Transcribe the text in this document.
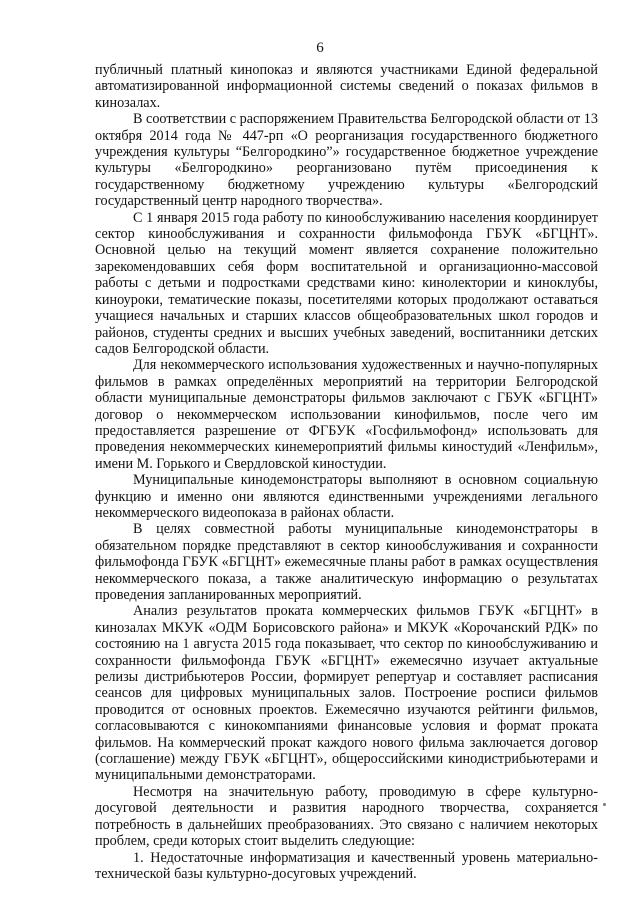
6

публичный платный кинопоказ и являются участниками Единой федеральной автоматизированной информационной системы сведений о показах фильмов в кинозалах.

В соответствии с распоряжением Правительства Белгородской области от 13 октября 2014 года № 447-рп «О реорганизация государственного бюджетного учреждения культуры “Белгородкино”» государственное бюджетное учреждение культуры «Белгородкино» реорганизовано путём присоединения к государственному бюджетному учреждению культуры «Белгородский государственный центр народного творчества».

С 1 января 2015 года работу по кинообслуживанию населения координирует сектор кинообслуживания и сохранности фильмофонда ГБУК «БГЦНТ». Основной целью на текущий момент является сохранение положительно зарекомендовавших себя форм воспитательной и организационно-массовой работы с детьми и подростками средствами кино: кинолектории и киноклубы, киноуроки, тематические показы, посетителями которых продолжают оставаться учащиеся начальных и старших классов общеобразовательных школ городов и районов, студенты средних и высших учебных заведений, воспитанники детских садов Белгородской области.

Для некоммерческого использования художественных и научно-популярных фильмов в рамках определённых мероприятий на территории Белгородской области муниципальные демонстраторы фильмов заключают с ГБУК «БГЦНТ» договор о некоммерческом использовании кинофильмов, после чего им предоставляется разрешение от ФГБУК «Госфильмофонд» использовать для проведения некоммерческих кинемероприятий фильмы киностудий «Ленфильм», имени М. Горького и Свердловской киностудии.

Муниципальные кинодемонстраторы выполняют в основном социальную функцию и именно они являются единственными учреждениями легального некоммерческого видеопоказа в районах области.

В целях совместной работы муниципальные кинодемонстраторы в обязательном порядке представляют в сектор кинообслуживания и сохранности фильмофонда ГБУК «БГЦНТ» ежемесячные планы работ в рамках осуществления некоммерческого показа, а также аналитическую информацию о результатах проведения запланированных мероприятий.

Анализ результатов проката коммерческих фильмов ГБУК «БГЦНТ» в кинозалах МКУК «ОДМ Борисовского района» и МКУК «Корочанский РДК» по состоянию на 1 августа 2015 года показывает, что сектор по кинообслуживанию и сохранности фильмофонда ГБУК «БГЦНТ» ежемесячно изучает актуальные релизы дистрибьютеров России, формирует репертуар и составляет расписания сеансов для цифровых муниципальных залов. Построение росписи фильмов проводится от основных проектов. Ежемесячно изучаются рейтинги фильмов, согласовываются с кинокомпаниями финансовые условия и формат проката фильмов. На коммерческий прокат каждого нового фильма заключается договор (соглашение) между ГБУК «БГЦНТ», общероссийскими кинодистрибьютерами и муниципальными демонстраторами.

Несмотря на значительную работу, проводимую в сфере культурно-досуговой деятельности и развития народного творчества, сохраняется потребность в дальнейших преобразованиях. Это связано с наличием некоторых проблем, среди которых стоит выделить следующие:

1. Недостаточные информатизация и качественный уровень материально-технической базы культурно-досуговых учреждений.
